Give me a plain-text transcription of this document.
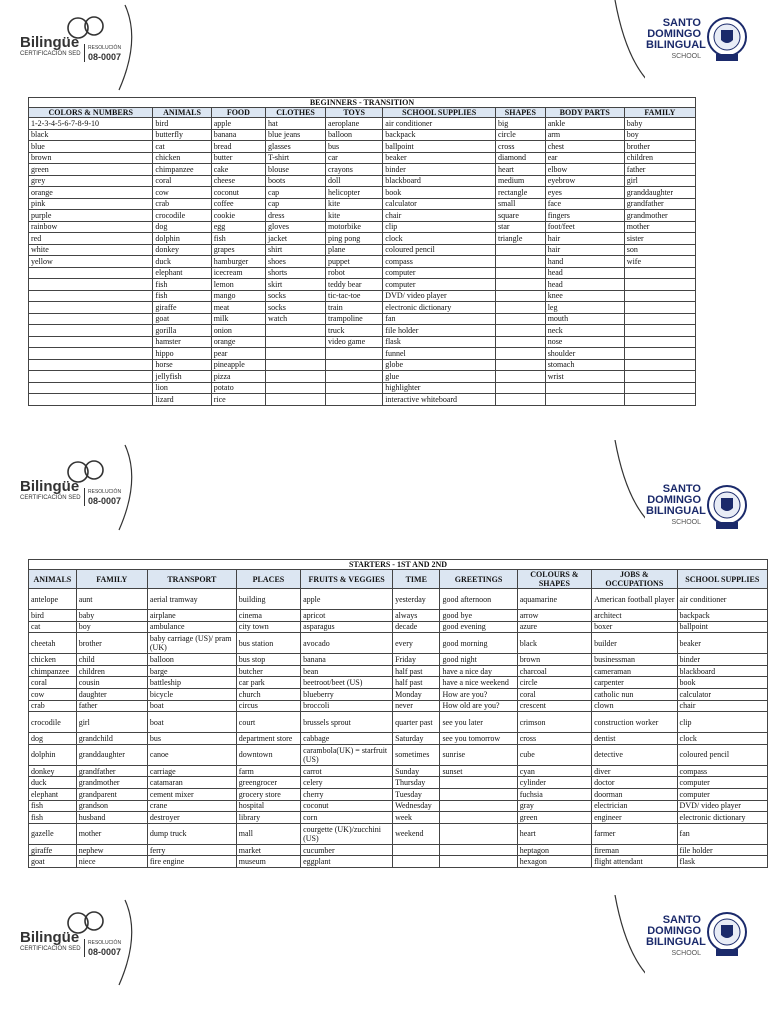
Bilingüe
CERTIFICACIÓN SED
RESOLUCIÓN
08-0007
SANTO
DOMINGO
BILINGUAL
SCHOOL
BEGINNERS - TRANSITION								
COLORS & NUMBERS	ANIMALS	FOOD	CLOTHES	TOYS	SCHOOL SUPPLIES	SHAPES	BODY PARTS	FAMILY
1-2-3-4-5-6-7-8-9-10	bird	apple	hat	aeroplane	air conditioner	big	ankle	baby
black	butterfly	banana	blue jeans	balloon	backpack	circle	arm	boy
blue	cat	bread	glasses	bus	ballpoint	cross	chest	brother
brown	chicken	butter	T-shirt	car	beaker	diamond	ear	children
green	chimpanzee	cake	blouse	crayons	binder	heart	elbow	father
grey	coral	cheese	boots	doll	blackboard	medium	eyebrow	girl
orange	cow	coconut	cap	helicopter	book	rectangle	eyes	granddaughter
pink	crab	coffee	cap	kite	calculator	small	face	grandfather
purple	crocodile	cookie	dress	kite	chair	square	fingers	grandmother
rainbow	dog	egg	gloves	motorbike	clip	star	foot/feet	mother
red	dolphin	fish	jacket	ping pong	clock	triangle	hair	sister
white	donkey	grapes	shirt	plane	coloured pencil		hair	son
yellow	duck	hamburger	shoes	puppet	compass		hand	wife
	elephant	icecream	shorts	robot	computer		head	
	fish	lemon	skirt	teddy bear	computer		head	
	fish	mango	socks	tic-tac-toe	DVD/ video player		knee	
	giraffe	meat	socks	train	electronic dictionary		leg	
	goat	milk	watch	trampoline	fan		mouth	
	gorilla	onion		truck	file holder		neck	
	hamster	orange		video game	flask		nose	
	hippo	pear			funnel		shoulder	
	horse	pineapple			globe		stomach	
	jellyfish	pizza			glue		wrist	
	lion	potato			highlighter			
	lizard	rice			interactive whiteboard			
Bilingüe
CERTIFICACIÓN SED
RESOLUCIÓN
08-0007
SANTO
DOMINGO
BILINGUAL
SCHOOL
STARTERS - 1ST AND 2ND									
ANIMALS	FAMILY	TRANSPORT	PLACES	FRUITS & VEGGIES	TIME	GREETINGS	COLOURS & SHAPES	JOBS & OCCUPATIONS	SCHOOL SUPPLIES
antelope	aunt	aerial tramway	building	apple	yesterday	good afternoon	aquamarine	American football player	air conditioner
bird	baby	airplane	cinema	apricot	always	good bye	arrow	architect	backpack
cat	boy	ambulance	city town	asparagus	decade	good evening	azure	boxer	ballpoint
cheetah	brother	baby carriage (US)/ pram (UK)	bus station	avocado	every	good morning	black	builder	beaker
chicken	child	balloon	bus stop	banana	Friday	good night	brown	businessman	binder
chimpanzee	children	barge	butcher	bean	half past	have a nice day	charcoal	cameraman	blackboard
coral	cousin	battleship	car park	beetroot/beet (US)	half past	have a nice weekend	circle	carpenter	book
cow	daughter	bicycle	church	blueberry	Monday	How are you?	coral	catholic nun	calculator
crab	father	boat	circus	broccoli	never	How old are you?	crescent	clown	chair
crocodile	girl	boat	court	brussels sprout	quarter past	see you later	crimson	construction worker	clip
dog	grandchild	bus	department store	cabbage	Saturday	see you tomorrow	cross	dentist	clock
dolphin	granddaughter	canoe	downtown	carambola(UK) = starfruit (US)	sometimes	sunrise	cube	detective	coloured pencil
donkey	grandfather	carriage	farm	carrot	Sunday	sunset	cyan	diver	compass
duck	grandmother	catamaran	greengrocer	celery	Thursday		cylinder	doctor	computer
elephant	grandparent	cement mixer	grocery store	cherry	Tuesday		fuchsia	doorman	computer
fish	grandson	crane	hospital	coconut	Wednesday		gray	electrician	DVD/ video player
fish	husband	destroyer	library	corn	week		green	engineer	electronic dictionary
gazelle	mother	dump truck	mall	courgette (UK)/zucchini (US)	weekend		heart	farmer	fan
giraffe	nephew	ferry	market	cucumber			heptagon	fireman	file holder
goat	niece	fire engine	museum	eggplant			hexagon	flight attendant	flask
Bilingüe
CERTIFICACIÓN SED
RESOLUCIÓN
08-0007
SANTO
DOMINGO
BILINGUAL
SCHOOL
